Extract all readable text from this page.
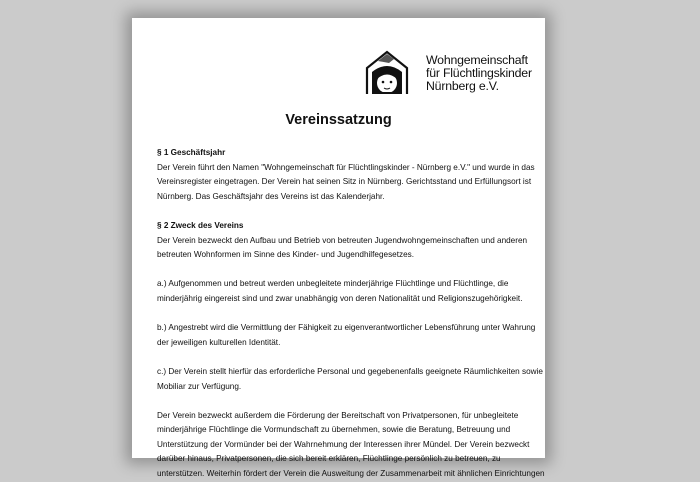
Wohngemeinschaft
für Flüchtlingskinder
Nürnberg e.V.
Vereinssatzung
§ 1 Geschäftsjahr
Der Verein führt den Namen "Wohngemeinschaft für Flüchtlingskinder - Nürnberg e.V." und wurde in das
Vereinsregister eingetragen. Der Verein hat seinen Sitz in Nürnberg. Gerichtsstand und Erfüllungsort ist
Nürnberg. Das Geschäftsjahr des Vereins ist das Kalenderjahr.
§ 2 Zweck des Vereins
Der Verein bezweckt den Aufbau und Betrieb von betreuten Jugendwohngemeinschaften und anderen
betreuten Wohnformen im Sinne des Kinder- und Jugendhilfegesetzes.
a.) Aufgenommen und betreut werden unbegleitete minderjährige Flüchtlinge und Flüchtlinge, die
minderjährig eingereist sind und zwar unabhängig von deren Nationalität und Religionszugehörigkeit.
b.) Angestrebt wird die Vermittlung der Fähigkeit zu eigenverantwortlicher Lebensführung unter Wahrung
der jeweiligen kulturellen Identität.
c.) Der Verein stellt hierfür das erforderliche Personal und gegebenenfalls geeignete Räumlichkeiten sowie
Mobiliar zur Verfügung.
Der Verein bezweckt außerdem die Förderung der Bereitschaft von Privatpersonen, für unbegleitete
minderjährige Flüchtlinge die Vormundschaft zu übernehmen, sowie die Beratung, Betreuung und
Unterstützung der Vormünder bei der Wahrnehmung der Interessen ihrer Mündel. Der Verein bezweckt
darüber hinaus, Privatpersonen, die sich bereit erklären, Flüchtlinge persönlich zu betreuen, zu
unterstützen. Weiterhin fördert der Verein die Ausweitung der Zusammenarbeit mit ähnlichen Einrichtungen
